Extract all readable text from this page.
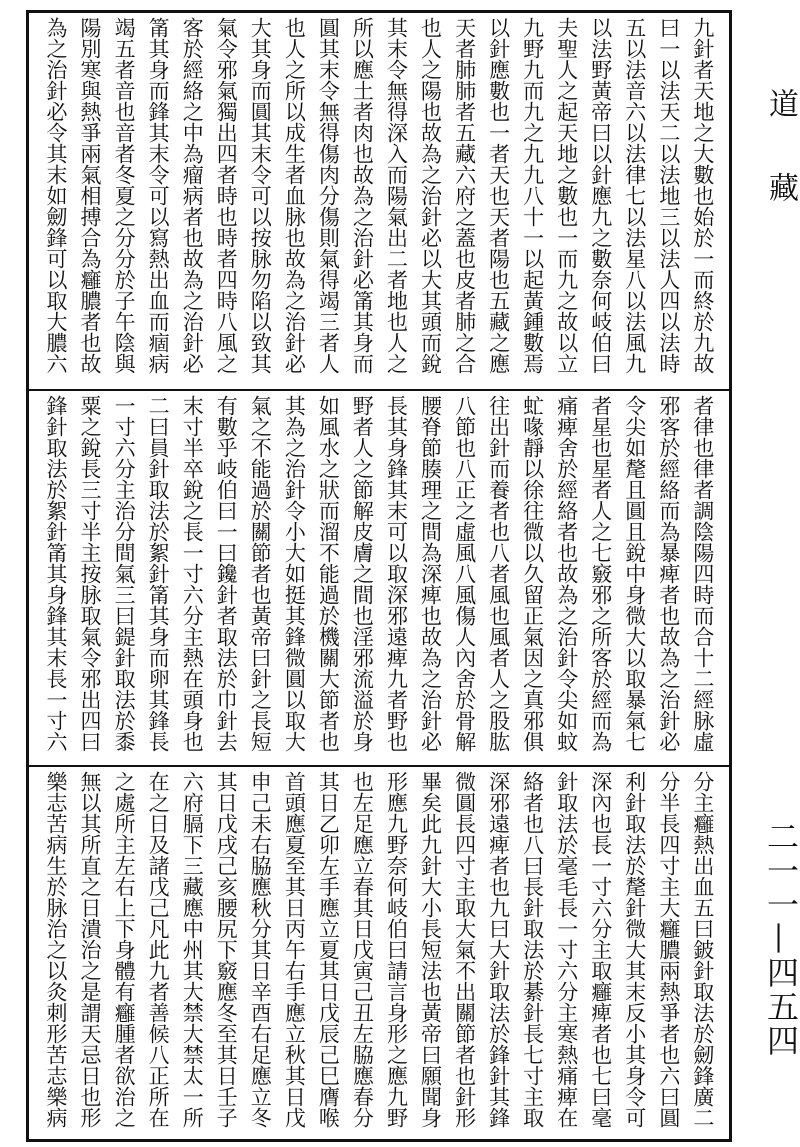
九針者天地之大數也始於一而終於九故
曰一以法天二以法地三以法人四以法時
五以法音六以法律七以法星八以法風九
以法野黃帝曰以針應九之數奈何岐伯曰
夫聖人之起天地之數也一而九之故以立
九野九而九之九九八十一以起黃鍾數焉
以針應數也一者天也天者陽也五藏之應
天者肺肺者五藏六府之蓋也皮者肺之合
也人之陽也故為之治針必以大其頭而銳
其末令無得深入而陽氣出二者地也人之
所以應土者肉也故為之治針必筩其身而
圓其末令無得傷肉分傷則氣得竭三者人
也人之所以成生者血脉也故為之治針必
大其身而圓其末令可以按脉勿陷以致其
氣令邪氣獨出四者時也時者四時八風之
客於經絡之中為瘤病者也故為之治針必
筩其身而鋒其末令可以寫熱出血而痼病
竭五者音也音者冬夏之分分於子午陰與
陽別寒與熱爭兩氣相搏合為癰膿者也故
為之治針必令其末如劒鋒可以取大膿六
者律也律者調陰陽四時而合十二經脉虛
邪客於經絡而為暴痺者也故為之治針必
令尖如氂且圓且銳中身微大以取暴氣七
者星也星者人之七竅邪之所客於經而為
痛痺舍於經絡者也故為之治針令尖如蚊
虻喙靜以徐往微以久留正氣因之真邪俱
往出針而養者也八者風也風者人之股肱
八節也八正之虛風八風傷人內舍於骨解
腰脊節腠理之間為深痺也故為之治針必
長其身鋒其末可以取深邪遠痺九者野也
野者人之節解皮膚之間也淫邪流溢於身
如風水之狀而溜不能過於機關大節者也
其為之治針令小大如挺其鋒微圓以取大
氣之不能過於關節者也黃帝曰針之長短
有數乎岐伯曰一曰鑱針者取法於巾針去
末寸半卒銳之長一寸六分主熱在頭身也
二曰員針取法於絮針筩其身而卵其鋒長
一寸六分主治分間氣三曰鍉針取法於黍
粟之銳長三寸半主按脉取氣令邪出四曰
鋒針取法於絮針筩其身鋒其末長一寸六
分主癰熱出血五曰鈹針取法於劒鋒廣二
分半長四寸主大癰膿兩熱爭者也六曰圓
利針取法於氂針微大其末反小其身令可
深內也長一寸六分主取癰痺者也七曰毫
針取法於毫毛長一寸六分主寒熱痛痺在
絡者也八曰長針取法於綦針長七寸主取
深邪遠痺者也九曰大針取法於鋒針其鋒
微圓長四寸主取大氣不出關節者也針形
畢矣此九針大小長短法也黃帝曰願聞身
形應九野奈何岐伯曰請言身形之應九野
也左足應立春其日戊寅己丑左脇應春分
其日乙卯左手應立夏其日戊辰己巳膺喉
首頭應夏至其日丙午右手應立秋其日戊
申己未右脇應秋分其日辛酉右足應立冬
其日戊戌己亥腰尻下竅應冬至其日壬子
六府膈下三藏應中州其大禁大禁太一所
在之日及諸戊己凡此九者善候八正所在
之處所主左右上下身體有癰腫者欲治之
無以其所直之日潰治之是謂天忌日也形
樂志苦病生於脉治之以灸刺形苦志樂病
道藏
二一一—四五四
